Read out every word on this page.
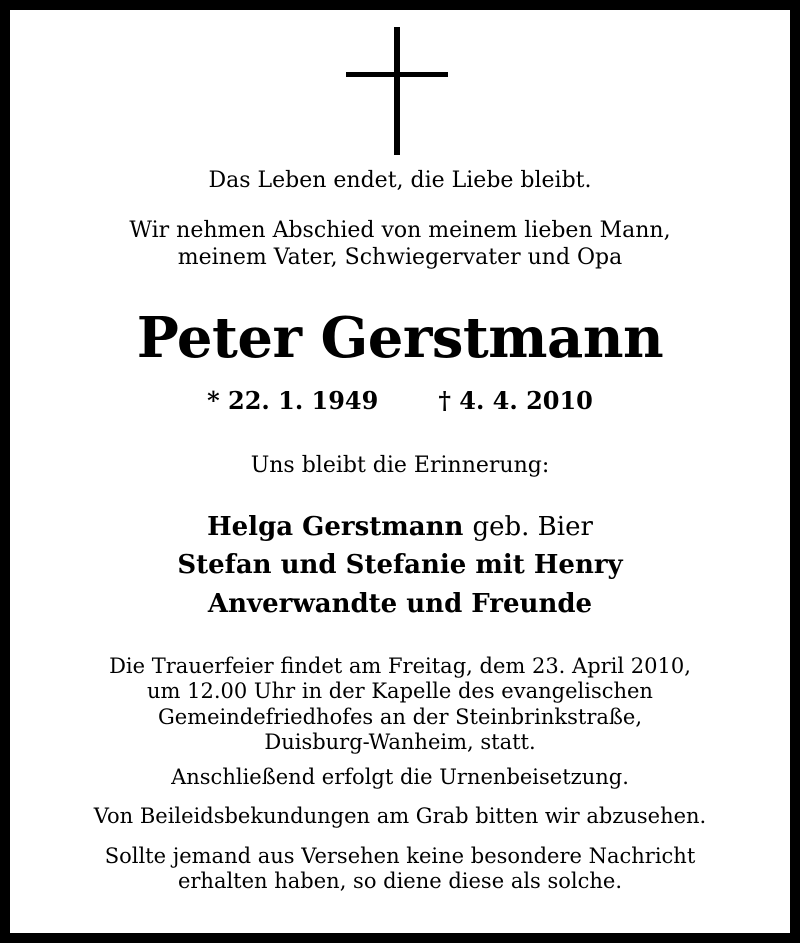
Das Leben endet, die Liebe bleibt.
Wir nehmen Abschied von meinem lieben Mann,
meinem Vater, Schwiegervater und Opa
Peter Gerstmann
* 22. 1. 1949	† 4. 4. 2010
Uns bleibt die Erinnerung:
Helga Gerstmann geb. Bier
Stefan und Stefanie mit Henry
Anverwandte und Freunde
Die Trauerfeier findet am Freitag, dem 23. April 2010,
um 12.00 Uhr in der Kapelle des evangelischen
Gemeindefriedhofes an der Steinbrinkstraße,
Duisburg-Wanheim, statt.
Anschließend erfolgt die Urnenbeisetzung.
Von Beileidsbekundungen am Grab bitten wir abzusehen.
Sollte jemand aus Versehen keine besondere Nachricht
erhalten haben, so diene diese als solche.
